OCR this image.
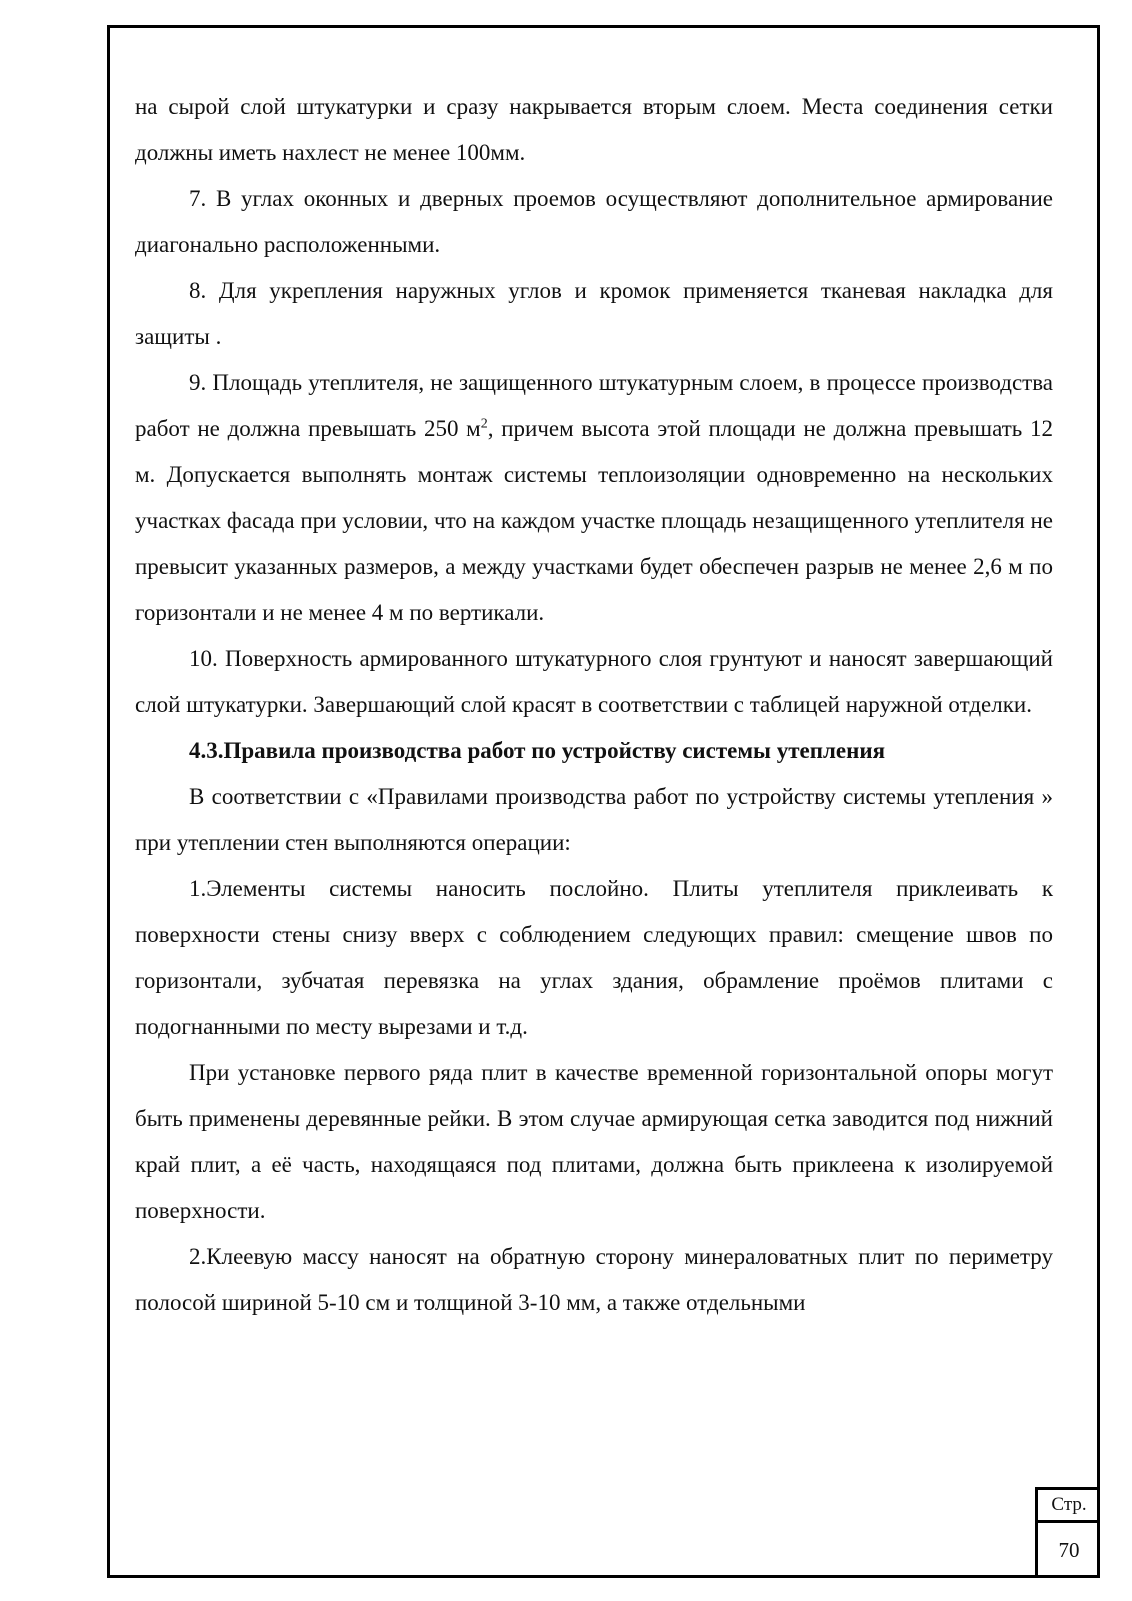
на сырой слой штукатурки и сразу накрывается вторым слоем. Места соединения сетки должны иметь нахлест не менее 100мм.

7. В углах оконных и дверных проемов осуществляют дополнительное армирование диагонально расположенными.

8. Для укрепления наружных углов и кромок применяется тканевая накладка для защиты .

9. Площадь утеплителя, не защищенного штукатурным слоем, в процессе производства работ не должна превышать 250 $м^2$, причем высота этой площади не должна превышать 12 м. Допускается выполнять монтаж системы теплоизоляции одновременно на нескольких участках фасада при условии, что на каждом участке площадь незащищенного утеплителя не превысит указанных размеров, а между участками будет обеспечен разрыв не менее 2,6 м по горизонтали и не менее 4 м по вертикали.

10. Поверхность армированного штукатурного слоя грунтуют и наносят завершающий слой штукатурки. Завершающий слой красят в соответствии с таблицей наружной отделки.

4.3.Правила производства работ по устройству системы утепления

В соответствии с «Правилами производства работ по устройству системы утепления » при утеплении стен выполняются операции:

1.Элементы системы наносить послойно. Плиты утеплителя приклеивать к поверхности стены снизу вверх с соблюдением следующих правил: смещение швов по горизонтали, зубчатая перевязка на углах здания, обрамление проёмов плитами с подогнанными по месту вырезами и т.д.

При установке первого ряда плит в качестве временной горизонтальной опоры могут быть применены деревянные рейки. В этом случае армирующая сетка заводится под нижний край плит, а её часть, находящаяся под плитами, должна быть приклеена к изолируемой поверхности.

2.Клеевую массу наносят на обратную сторону минераловатных плит по периметру полосой шириной 5-10 см и толщиной 3-10 мм, а также отдельными

Стр.
70
